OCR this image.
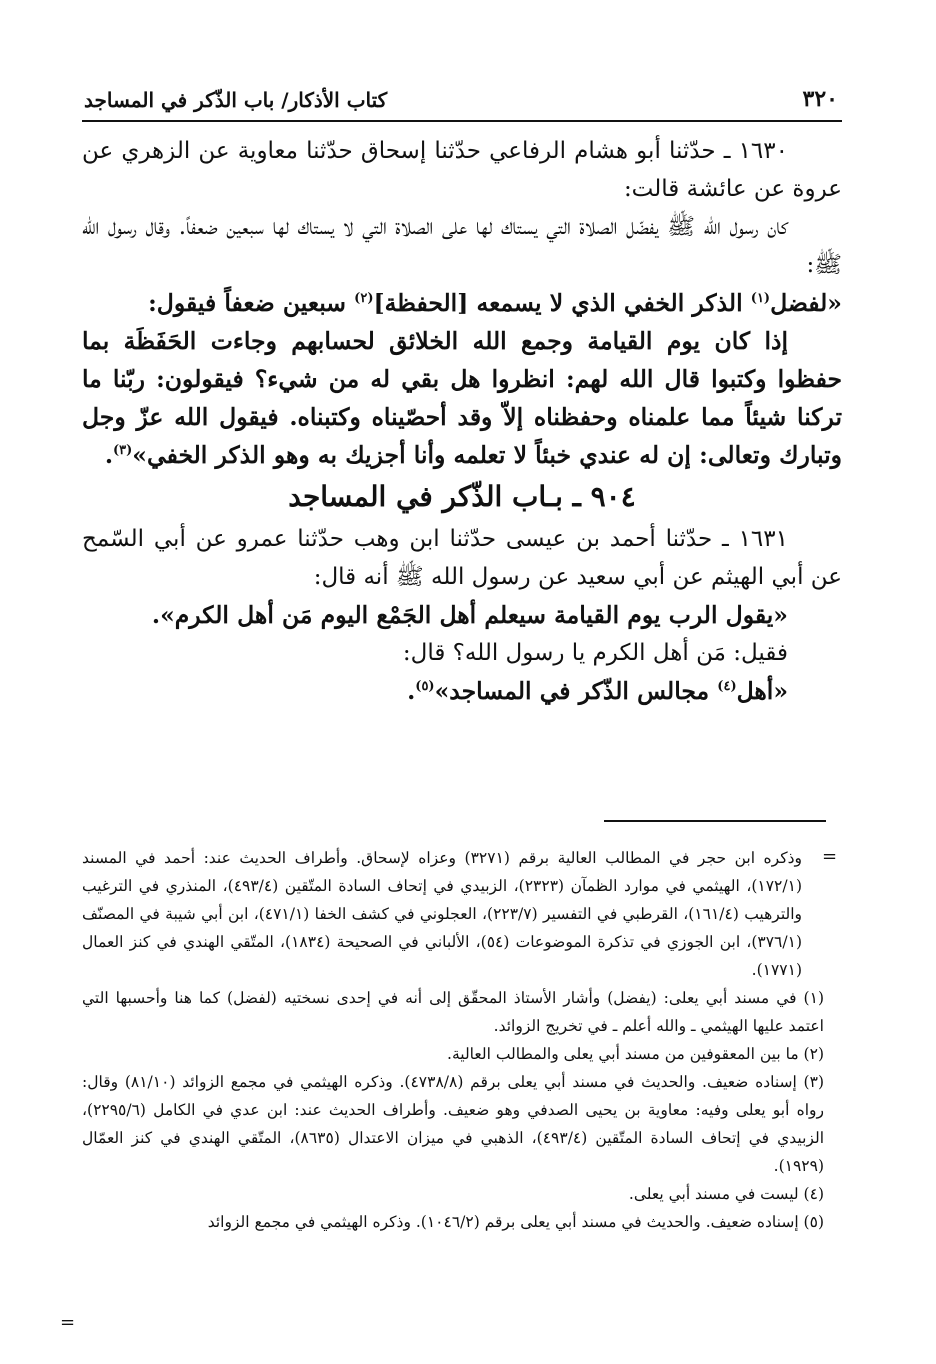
٣٢٠
كتاب الأذكار/ باب الذّكر في المساجد

١٦٣٠ ـ حدّثنا أبو هشام الرفاعي حدّثنا إسحاق حدّثنا معاوية عن الزهري عن عروة عن عائشة قالت:

كان رسول الله ﷺ يفضّل الصلاة التي يستاك لها على الصلاة التي لا يستاك لها سبعين ضعفاً. وقال رسول الله ﷺ:

«لفضل$^{(١)}$ الذكر الخفي الذي لا يسمعه [الحفظة]$^{(٢)}$ سبعين ضعفاً فيقول:

إذا كان يوم القيامة وجمع الله الخلائق لحسابهم وجاءت الحَفَظَة بما حفظوا وكتبوا قال الله لهم: انظروا هل بقي له من شيء؟ فيقولون: ربّنا ما تركنا شيئاً مما علمناه وحفظناه إلاّ وقد أحصّيناه وكتبناه. فيقول الله عزّ وجل وتبارك وتعالى: إن له عندي خبئاً لا تعلمه وأنا أجزيك به وهو الذكر الخفي»$^{(٣)}$.

٩٠٤ ـ بـاب الذّكر في المساجد

١٦٣١ ـ حدّثنا أحمد بن عيسى حدّثنا ابن وهب حدّثنا عمرو عن أبي السّمح عن أبي الهيثم عن أبي سعيد عن رسول الله ﷺ أنه قال:

«يقول الرب يوم القيامة سيعلم أهل الجَمْع اليوم مَن أهل الكرم».

فقيل: مَن أهل الكرم يا رسول الله؟ قال:

«أهل$^{(٤)}$ مجالس الذّكر في المساجد»$^{(٥)}$.

=

وذكره ابن حجر في المطالب العالية برقم (٣٢٧١) وعزاه لإسحاق. وأطراف الحديث عند: أحمد في المسند (١٧٢/١)، الهيثمي في موارد الظمآن (٢٣٢٣)، الزبيدي في إتحاف السادة المتّقين (٤٩٣/٤)، المنذري في الترغيب والترهيب (١٦١/٤)، القرطبي في التفسير (٢٢٣/٧)، العجلوني في كشف الخفا (٤٧١/١)، ابن أبي شيبة في المصنّف (٣٧٦/١)، ابن الجوزي في تذكرة الموضوعات (٥٤)، الألباني في الصحيحة (١٨٣٤)، المتّقي الهندي في كنز العمال (١٧٧١).

(١) في مسند أبي يعلى: (يفضل) وأشار الأستاذ المحقّق إلى أنه في إحدى نسختيه (لفضل) كما هنا وأحسبها التي اعتمد عليها الهيثمي ـ والله أعلم ـ في تخريج الزوائد.

(٢) ما بين المعقوفين من مسند أبي يعلى والمطالب العالية.

(٣) إسناده ضعيف. والحديث في مسند أبي يعلى برقم (٤٧٣٨/٨). وذكره الهيثمي في مجمع الزوائد (٨١/١٠) وقال: رواه أبو يعلى وفيه: معاوية بن يحيى الصدفي وهو ضعيف. وأطراف الحديث عند: ابن عدي في الكامل (٢٢٩٥/٦)، الزبيدي في إتحاف السادة المتّقين (٤٩٣/٤)، الذهبي في ميزان الاعتدال (٨٦٣٥)، المتّقي الهندي في كنز العمّال (١٩٢٩).

(٤) ليست في مسند أبي يعلى.

(٥) إسناده ضعيف. والحديث في مسند أبي يعلى برقم (١٠٤٦/٢). وذكره الهيثمي في مجمع الزوائد

=
